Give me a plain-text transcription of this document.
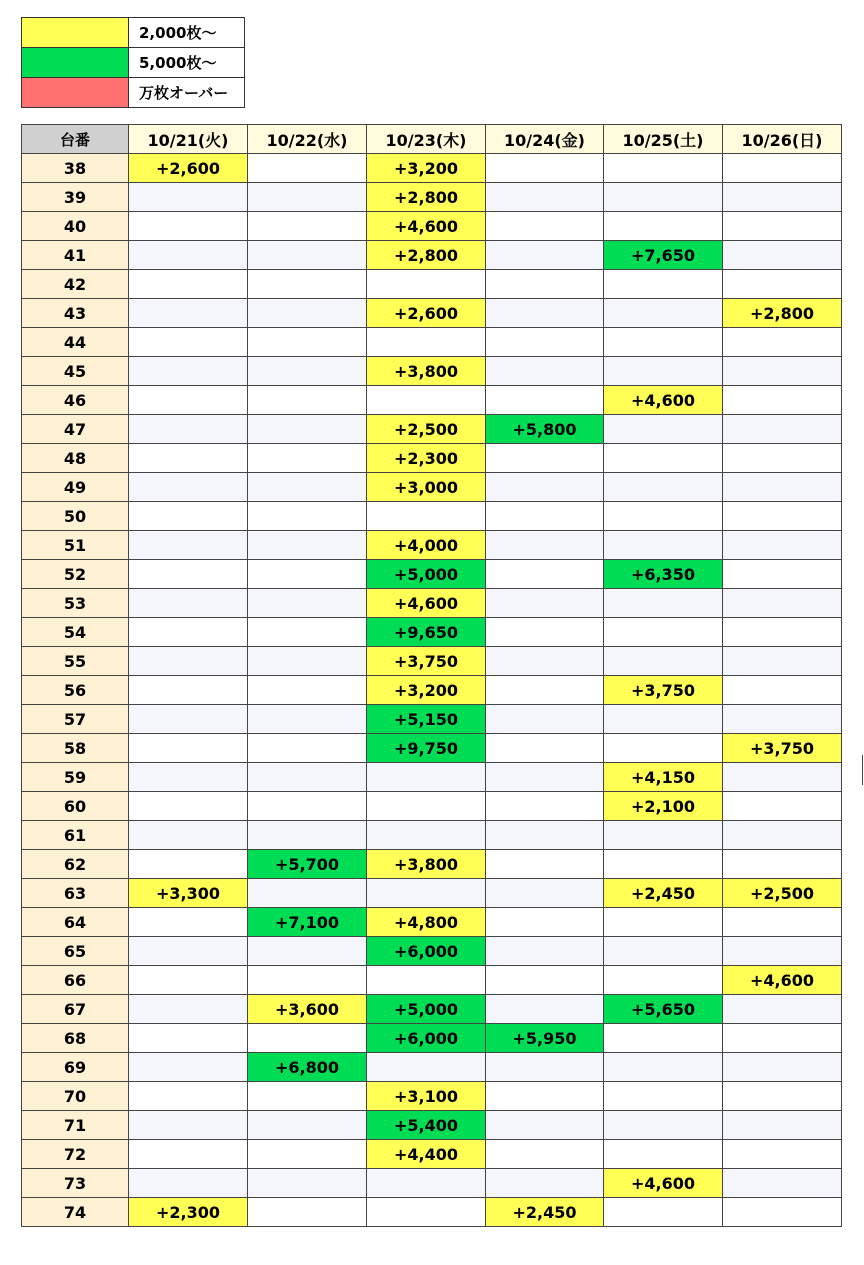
	2,000枚～
	5,000枚～
	万枚オーバー
台番	10/21(火)	10/22(水)	10/23(木)	10/24(金)	10/25(土)	10/26(日)
38	+2,600		+3,200			
39			+2,800			
40			+4,600			
41			+2,800		+7,650	
42						
43			+2,600			+2,800
44						
45			+3,800			
46					+4,600	
47			+2,500	+5,800		
48			+2,300			
49			+3,000			
50						
51			+4,000			
52			+5,000		+6,350	
53			+4,600			
54			+9,650			
55			+3,750			
56			+3,200		+3,750	
57			+5,150			
58			+9,750			+3,750
59					+4,150	
60					+2,100	
61						
62		+5,700	+3,800			
63	+3,300				+2,450	+2,500
64		+7,100	+4,800			
65			+6,000			
66						+4,600
67		+3,600	+5,000		+5,650	
68			+6,000	+5,950		
69		+6,800				
70			+3,100			
71			+5,400			
72			+4,400			
73					+4,600	
74	+2,300			+2,450		
